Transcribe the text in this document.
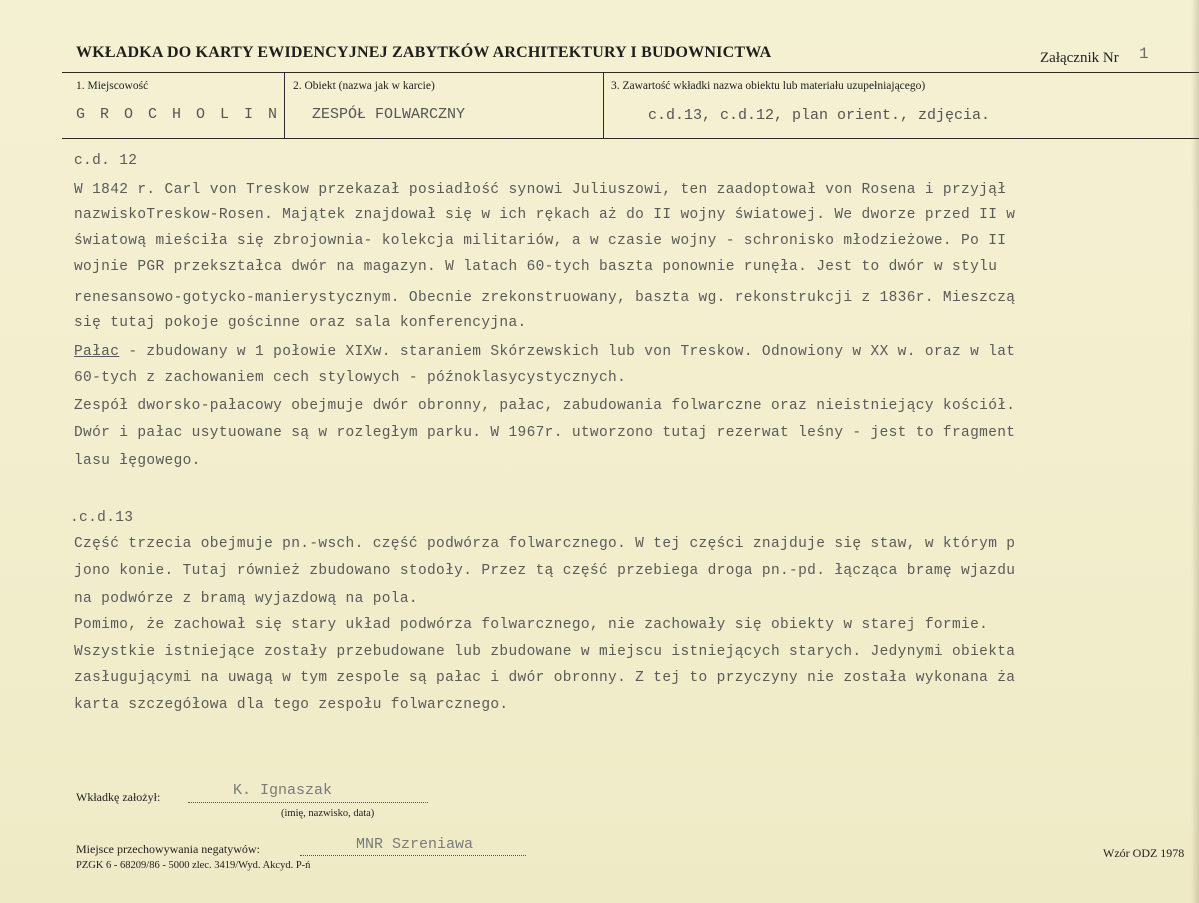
WKŁADKA DO KARTY EWIDENCYJNEJ ZABYTKÓW ARCHITEKTURY I BUDOWNICTWA	Załącznik Nr 1
1. Miejscowość
G R O C H O L I N
2. Obiekt (nazwa jak w karcie)
ZESPÓŁ FOLWARCZNY
3. Zawartość wkładki nazwa obiektu lub materiału uzupełniającego)
c.d.13, c.d.12, plan orient., zdjęcia.
c.d. 12
W 1842 r. Carl von Treskow przekazał posiadłość synowi Juliuszowi, ten zaadoptował von Rosena i przyjął
nazwiskoTreskow-Rosen. Majątek znajdował się w ich rękach aż do II wojny światowej. We dworze przed II w
światową mieściła się zbrojownia- kolekcja militariów, a w czasie wojny - schronisko młodzieżowe. Po II
wojnie PGR przekształca dwór na magazyn. W latach 60-tych baszta ponownie runęła. Jest to dwór w stylu
renesansowo-gotycko-manierystycznym. Obecnie zrekonstruowany, baszta wg. rekonstrukcji z 1836r. Mieszczą
się tutaj pokoje gościnne oraz sala konferencyjna.
Pałac - zbudowany w 1 połowie XIXw. staraniem Skórzewskich lub von Treskow. Odnowiony w XX w. oraz w lat
60-tych z zachowaniem cech stylowych - późnoklasycystycznych.
Zespół dworsko-pałacowy obejmuje dwór obronny, pałac, zabudowania folwarczne oraz nieistniejący kościół.
Dwór i pałac usytuowane są w rozległym parku. W 1967r. utworzono tutaj rezerwat leśny - jest to fragment
lasu łęgowego.
.c.d.13
Część trzecia obejmuje pn.-wsch. część podwórza folwarcznego. W tej części znajduje się staw, w którym p
jono konie. Tutaj również zbudowano stodoły. Przez tą część przebiega droga pn.-pd. łącząca bramę wjazdu
na podwórze z bramą wyjazdową na pola.
Pomimo, że zachował się stary układ podwórza folwarcznego, nie zachowały się obiekty w starej formie.
Wszystkie istniejące zostały przebudowane lub zbudowane w miejscu istniejących starych. Jedynymi obiekta
zasługującymi na uwagą w tym zespole są pałac i dwór obronny. Z tej to przyczyny nie została wykonana ża
karta szczegółowa dla tego zespołu folwarcznego.
Wkładkę założył:	K. Ignaszak
(imię, nazwisko, data)
Miejsce przechowywania negatywów:	MNR Szreniawa
PZGK 6 - 68209/86 - 5000 zlec. 3419/Wyd. Akcyd. P-ń
Wzór ODZ 1978
